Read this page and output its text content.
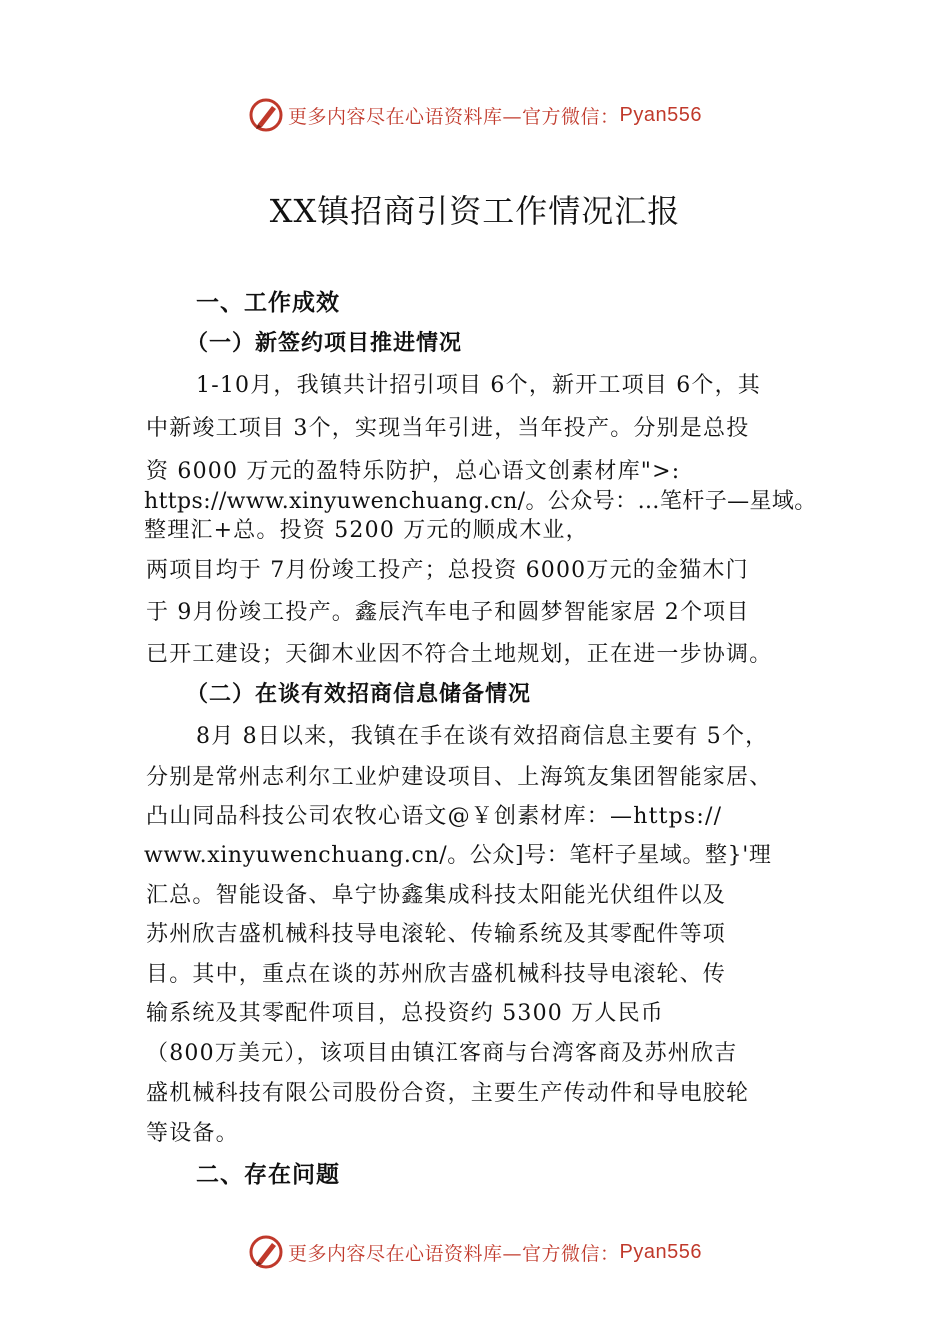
更多内容尽在心语资料库—官方微信： Pyan556
XX镇招商引资工作情况汇报
一、工作成效
（一）新签约项目推进情况
1-10月，我镇共计招引项目 6个，新开工项目 6个，其
中新竣工项目 3个，实现当年引进，当年投产。分别是总投
资 6000 万元的盈特乐防护，总心语文创素材库">:
https://www.xinyuwenchuang.cn/。公众号：…笔杆子—星域。
整理汇+总。投资 5200 万元的顺成木业，
两项目均于 7月份竣工投产；总投资 6000万元的金猫木门
于 9月份竣工投产。鑫辰汽车电子和圆梦智能家居 2个项目
已开工建设；天御木业因不符合土地规划，正在进一步协调。
（二）在谈有效招商信息储备情况
8月 8日以来，我镇在手在谈有效招商信息主要有 5个，
分别是常州志利尔工业炉建设项目、上海筑友集团智能家居、
凸山同品科技公司农牧心语文@￥创素材库：—https://
www.xinyuwenchuang.cn/。公众]号：笔杆子星域。整}'理
汇总。智能设备、阜宁协鑫集成科技太阳能光伏组件以及
苏州欣吉盛机械科技导电滚轮、传输系统及其零配件等项
目。其中，重点在谈的苏州欣吉盛机械科技导电滚轮、传
输系统及其零配件项目，总投资约 5300 万人民币
（800万美元），该项目由镇江客商与台湾客商及苏州欣吉
盛机械科技有限公司股份合资，主要生产传动件和导电胶轮
等设备。
二、存在问题
更多内容尽在心语资料库—官方微信： Pyan556
